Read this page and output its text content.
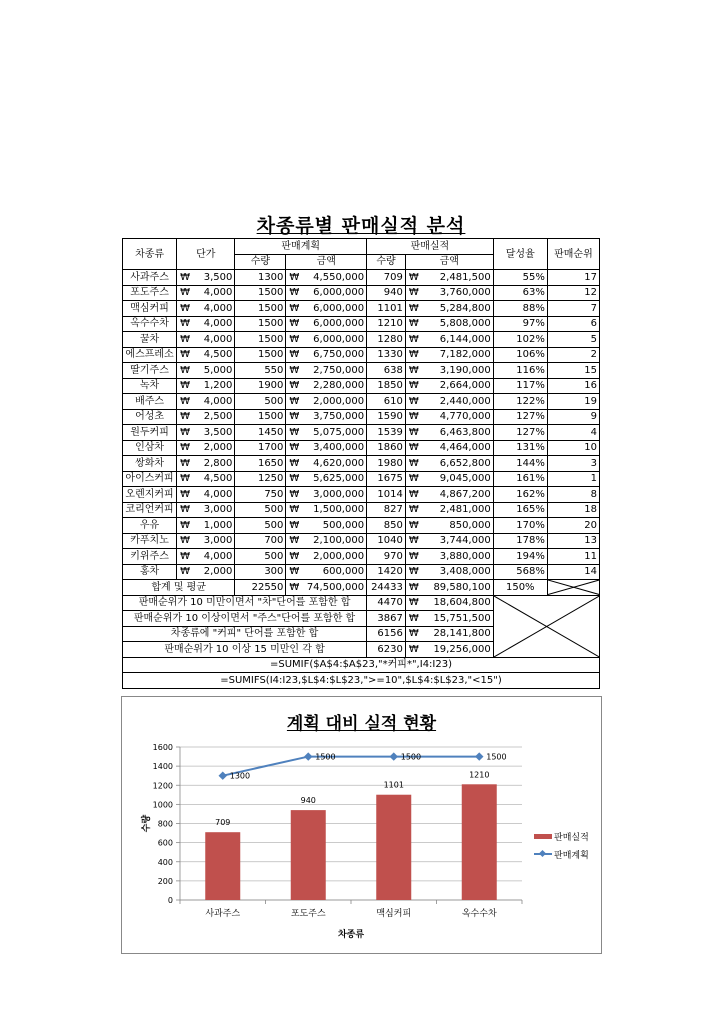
차종류별 판매실적 분석
차종류	단가		판매계획			판매실적			달성율	판매순위
			수량	금액		수량	금액			
사과주스	₩	3,500	1300	₩	4,550,000	709	₩	2,481,500	55%	17
포도주스	₩	4,000	1500	₩	6,000,000	940	₩	3,760,000	63%	12
맥심커피	₩	4,000	1500	₩	6,000,000	1101	₩	5,284,800	88%	7
옥수수차	₩	4,000	1500	₩	6,000,000	1210	₩	5,808,000	97%	6
꿀차	₩	4,000	1500	₩	6,000,000	1280	₩	6,144,000	102%	5
에스프레소	₩	4,500	1500	₩	6,750,000	1330	₩	7,182,000	106%	2
딸기주스	₩	5,000	550	₩	2,750,000	638	₩	3,190,000	116%	15
녹차	₩	1,200	1900	₩	2,280,000	1850	₩	2,664,000	117%	16
배주스	₩	4,000	500	₩	2,000,000	610	₩	2,440,000	122%	19
어성초	₩	2,500	1500	₩	3,750,000	1590	₩	4,770,000	127%	9
원두커피	₩	3,500	1450	₩	5,075,000	1539	₩	6,463,800	127%	4
인삼차	₩	2,000	1700	₩	3,400,000	1860	₩	4,464,000	131%	10
쌍화차	₩	2,800	1650	₩	4,620,000	1980	₩	6,652,800	144%	3
아이스커피	₩	4,500	1250	₩	5,625,000	1675	₩	9,045,000	161%	1
오렌지커피	₩	4,000	750	₩	3,000,000	1014	₩	4,867,200	162%	8
코리언커피	₩	3,000	500	₩	1,500,000	827	₩	2,481,000	165%	18
우유	₩	1,000	500	₩	500,000	850	₩	850,000	170%	20
카푸치노	₩	3,000	700	₩	2,100,000	1040	₩	3,744,000	178%	13
키위주스	₩	4,000	500	₩	2,000,000	970	₩	3,880,000	194%	11
홍차	₩	2,000	300	₩	600,000	1420	₩	3,408,000	568%	14
합계 및 평균			22550	₩	74,500,000	24433	₩	89,580,100	150%	

판매순위가 10 미만이면서 "차"단어를 포함한 합						4470	₩	18,604,800	

판매순위가 10 이상이면서 "주스"단어를 포함한 합						3867	₩	15,751,500		
차종류에 "커피" 단어를 포함한 합						6156	₩	28,141,800		
판매순위가 10 이상 15 미만인 각 합						6230	₩	19,256,000		
=SUMIF($A$4:$A$23,"*커피*",I4:I23)										
=SUMIFS(I4:I23,$L$4:$L$23,">=10",$L$4:$L$23,"<15")										
계획 대비 실적 현황
0
200
400
600
800
1000
1200
1400
1600
709
940
1101
1210
사과주스	포도주스	맥심커피	옥수수차
1300
1500	1500	1500
차종류
수량
판매실적
판매계획
